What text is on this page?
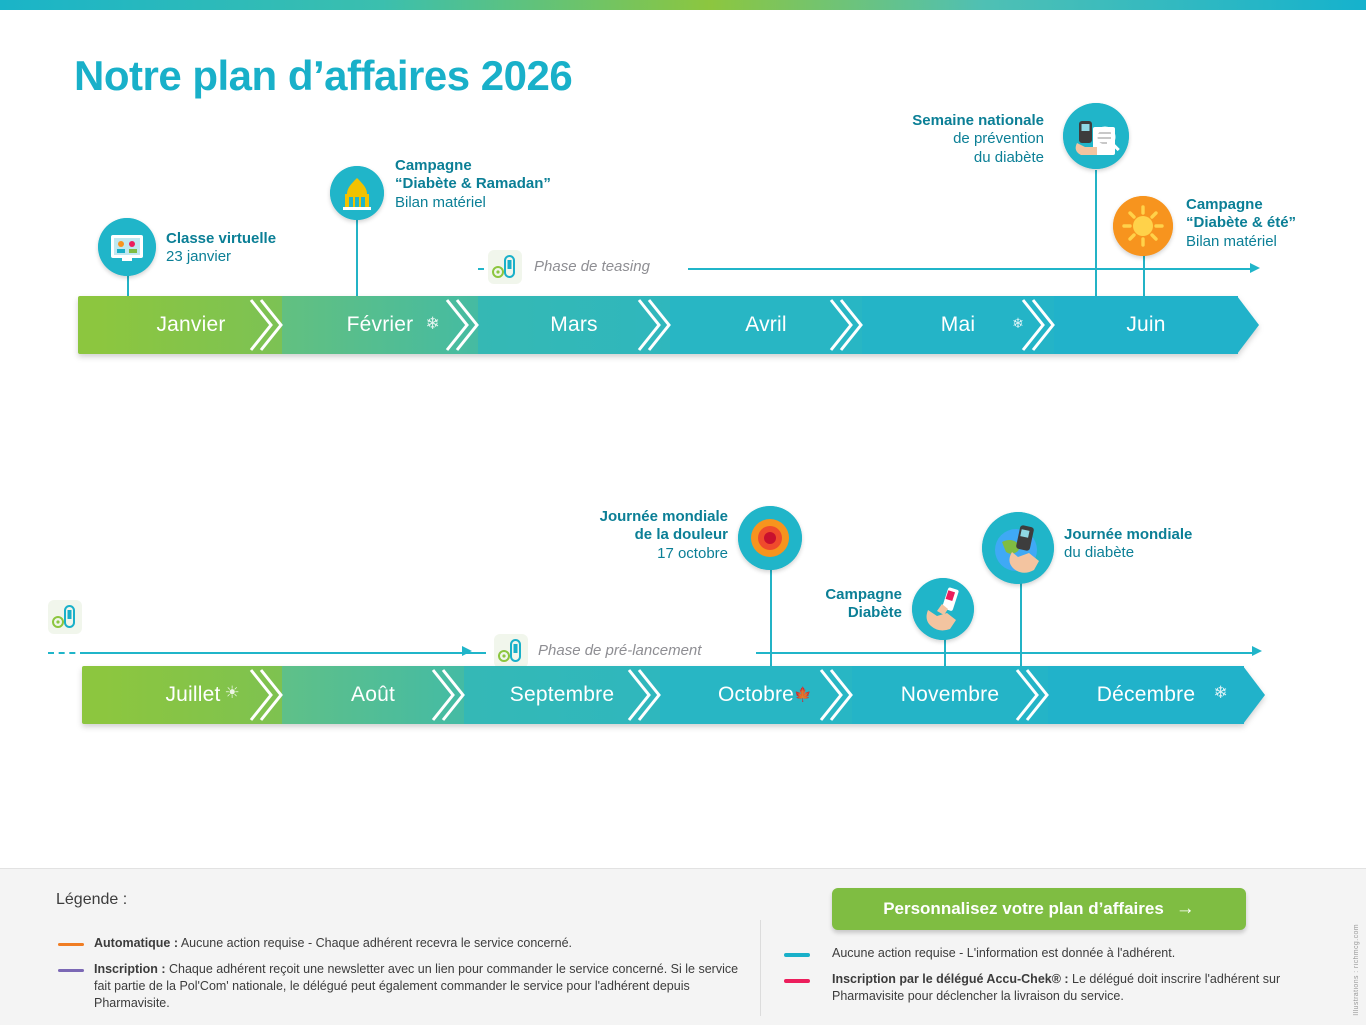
Notre plan d’affaires 2026
Phase de teasing
Classe virtuelle
23 janvier
Campagne
“Diabète & Ramadan”
Bilan matériel
Semaine nationale
de prévention
du diabète
Campagne
“Diabète & été”
Bilan matériel
Janvier	Février ❄	Mars	Avril	Mai	❄	Juin
Phase de pré-lancement
Journée mondiale
de la douleur
17 octobre
Campagne
Diabète
Journée mondiale
du diabète
Juillet ☀	Août	Septembre	Octobre 🍁	Novembre	Décembre ❄
Légende :
Automatique : Aucune action requise - Chaque adhérent recevra le service concerné.
Inscription : Chaque adhérent reçoit une newsletter avec un lien pour commander le service concerné. Si le service fait partie de la Pol'Com' nationale, le délégué peut également commander le service pour l'adhérent depuis Pharmavisite.
Aucune action requise - L'information est donnée à l'adhérent.
Inscription par le délégué Accu-Chek® : Le délégué doit inscrire l'adhérent sur Pharmavisite pour déclencher la livraison du service.
Personnalisez votre plan d’affaires →
Illustrations : richmcg.com
